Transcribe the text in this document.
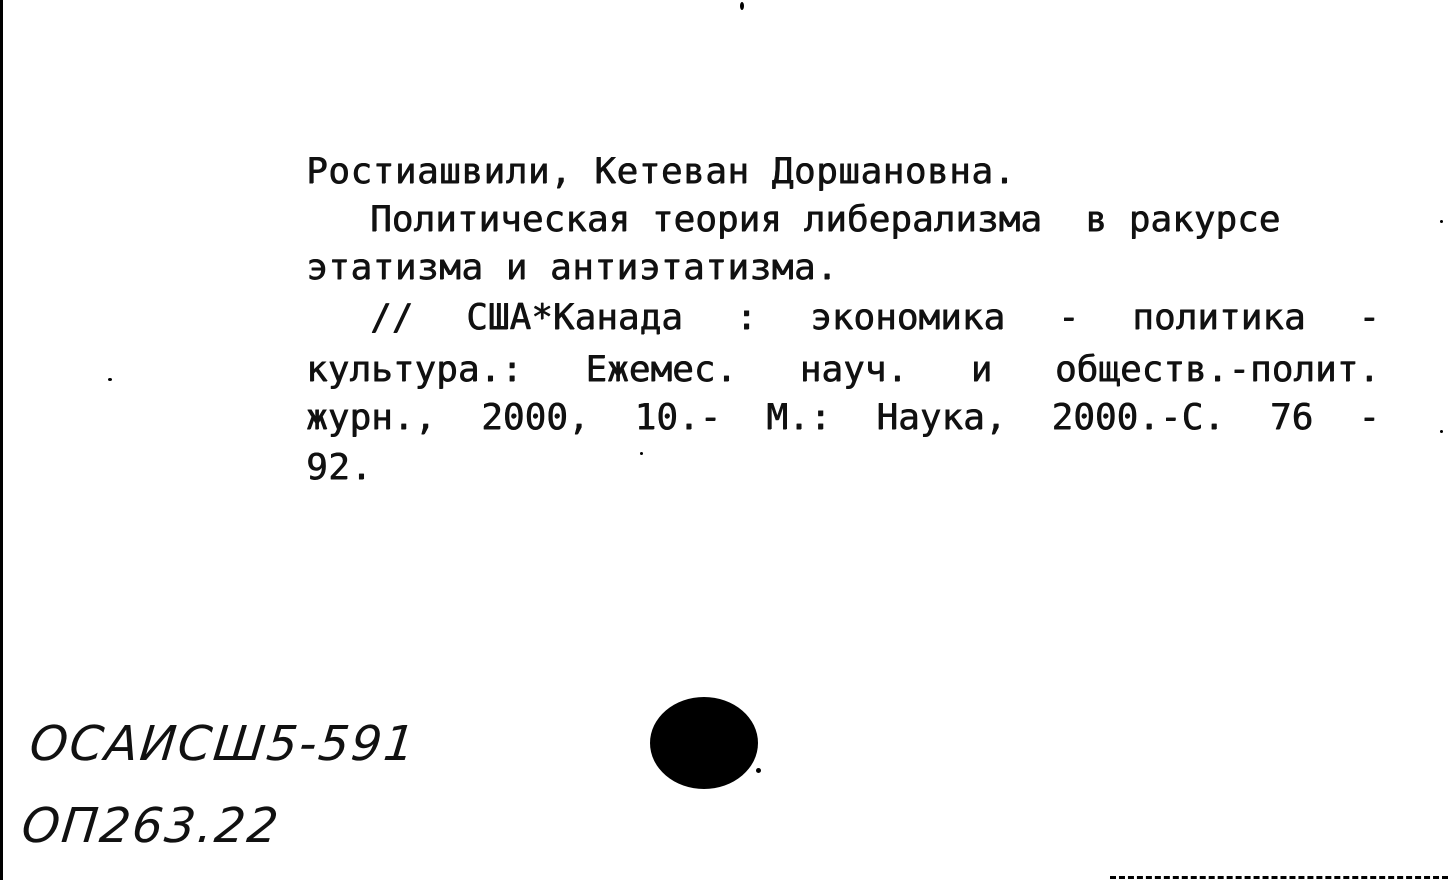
Ростиашвили, Кетеван Доршановна.

Политическая теория либерализма  в ракурсе

этатизма и антиэтатизма.

// США*Канада : экономика - политика -
культура.: Ежемес. науч. и обществ.-полит.
журн., 2000, 10.- М.: Наука, 2000.-С. 76 -

92.

ОСАИСШ5-591

ОП263.22
